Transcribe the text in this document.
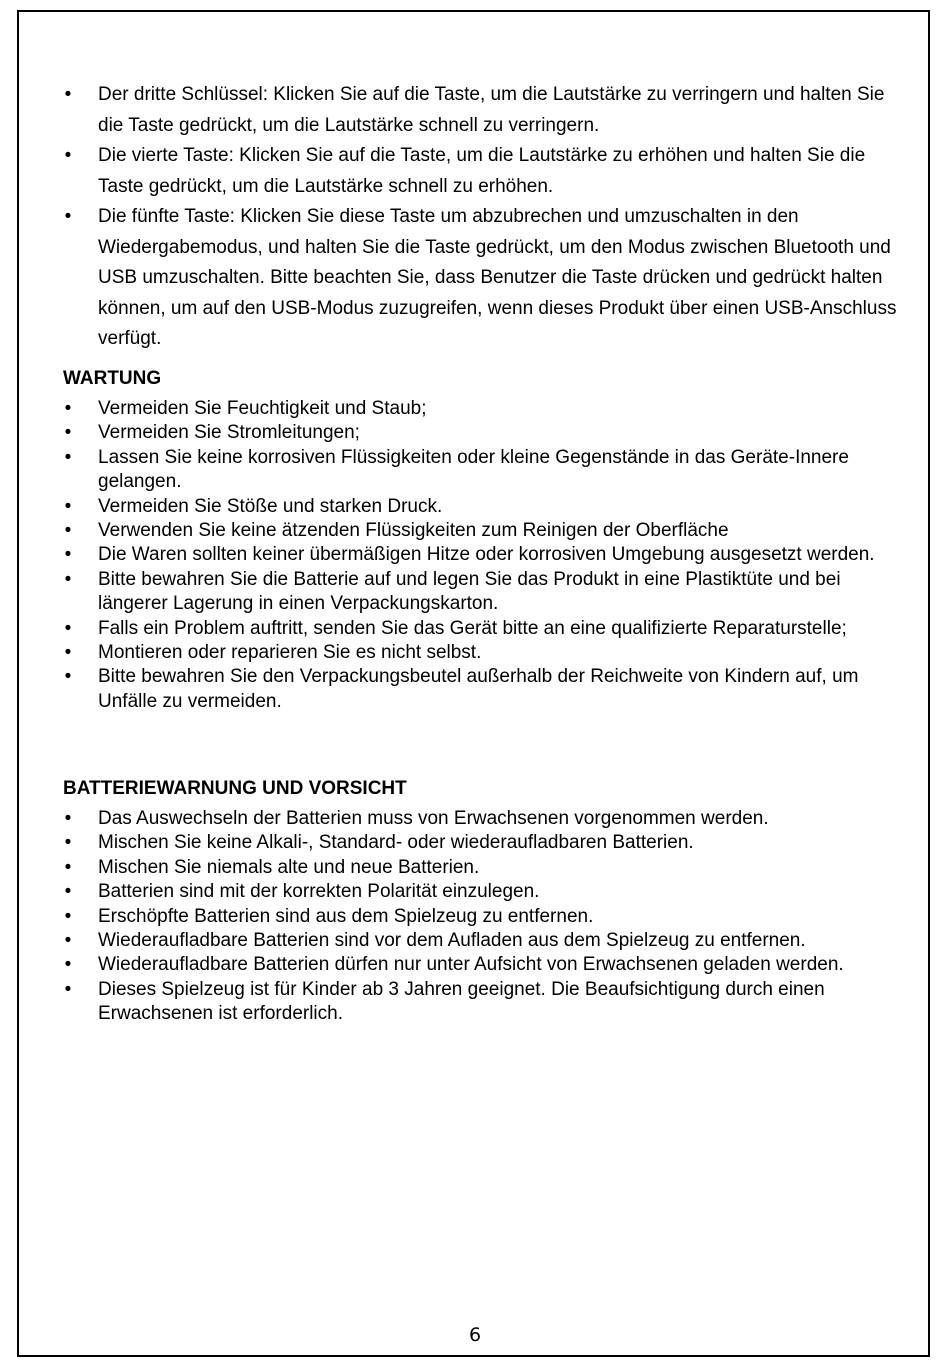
• Der dritte Schlüssel: Klicken Sie auf die Taste, um die Lautstärke zu verringern und halten Sie die Taste gedrückt, um die Lautstärke schnell zu verringern.
• Die vierte Taste: Klicken Sie auf die Taste, um die Lautstärke zu erhöhen und halten Sie die Taste gedrückt, um die Lautstärke schnell zu erhöhen.
• Die fünfte Taste: Klicken Sie diese Taste um abzubrechen und umzuschalten in den Wiedergabemodus, und halten Sie die Taste gedrückt, um den Modus zwischen Bluetooth und USB umzuschalten. Bitte beachten Sie, dass Benutzer die Taste drücken und gedrückt halten können, um auf den USB-Modus zuzugreifen, wenn dieses Produkt über einen USB-Anschluss verfügt.
WARTUNG
• Vermeiden Sie Feuchtigkeit und Staub;
• Vermeiden Sie Stromleitungen;
• Lassen Sie keine korrosiven Flüssigkeiten oder kleine Gegenstände in das Geräte-Innere gelangen.
• Vermeiden Sie Stöße und starken Druck.
• Verwenden Sie keine ätzenden Flüssigkeiten zum Reinigen der Oberfläche
• Die Waren sollten keiner übermäßigen Hitze oder korrosiven Umgebung ausgesetzt werden.
• Bitte bewahren Sie die Batterie auf und legen Sie das Produkt in eine Plastiktüte und bei längerer Lagerung in einen Verpackungskarton.
• Falls ein Problem auftritt, senden Sie das Gerät bitte an eine qualifizierte Reparaturstelle;
• Montieren oder reparieren Sie es nicht selbst.
• Bitte bewahren Sie den Verpackungsbeutel außerhalb der Reichweite von Kindern auf, um Unfälle zu vermeiden.
BATTERIEWARNUNG UND VORSICHT
• Das Auswechseln der Batterien muss von Erwachsenen vorgenommen werden.
• Mischen Sie keine Alkali-, Standard- oder wiederaufladbaren Batterien.
• Mischen Sie niemals alte und neue Batterien.
• Batterien sind mit der korrekten Polarität einzulegen.
• Erschöpfte Batterien sind aus dem Spielzeug zu entfernen.
• Wiederaufladbare Batterien sind vor dem Aufladen aus dem Spielzeug zu entfernen.
• Wiederaufladbare Batterien dürfen nur unter Aufsicht von Erwachsenen geladen werden.
• Dieses Spielzeug ist für Kinder ab 3 Jahren geeignet. Die Beaufsichtigung durch einen Erwachsenen ist erforderlich.
6
